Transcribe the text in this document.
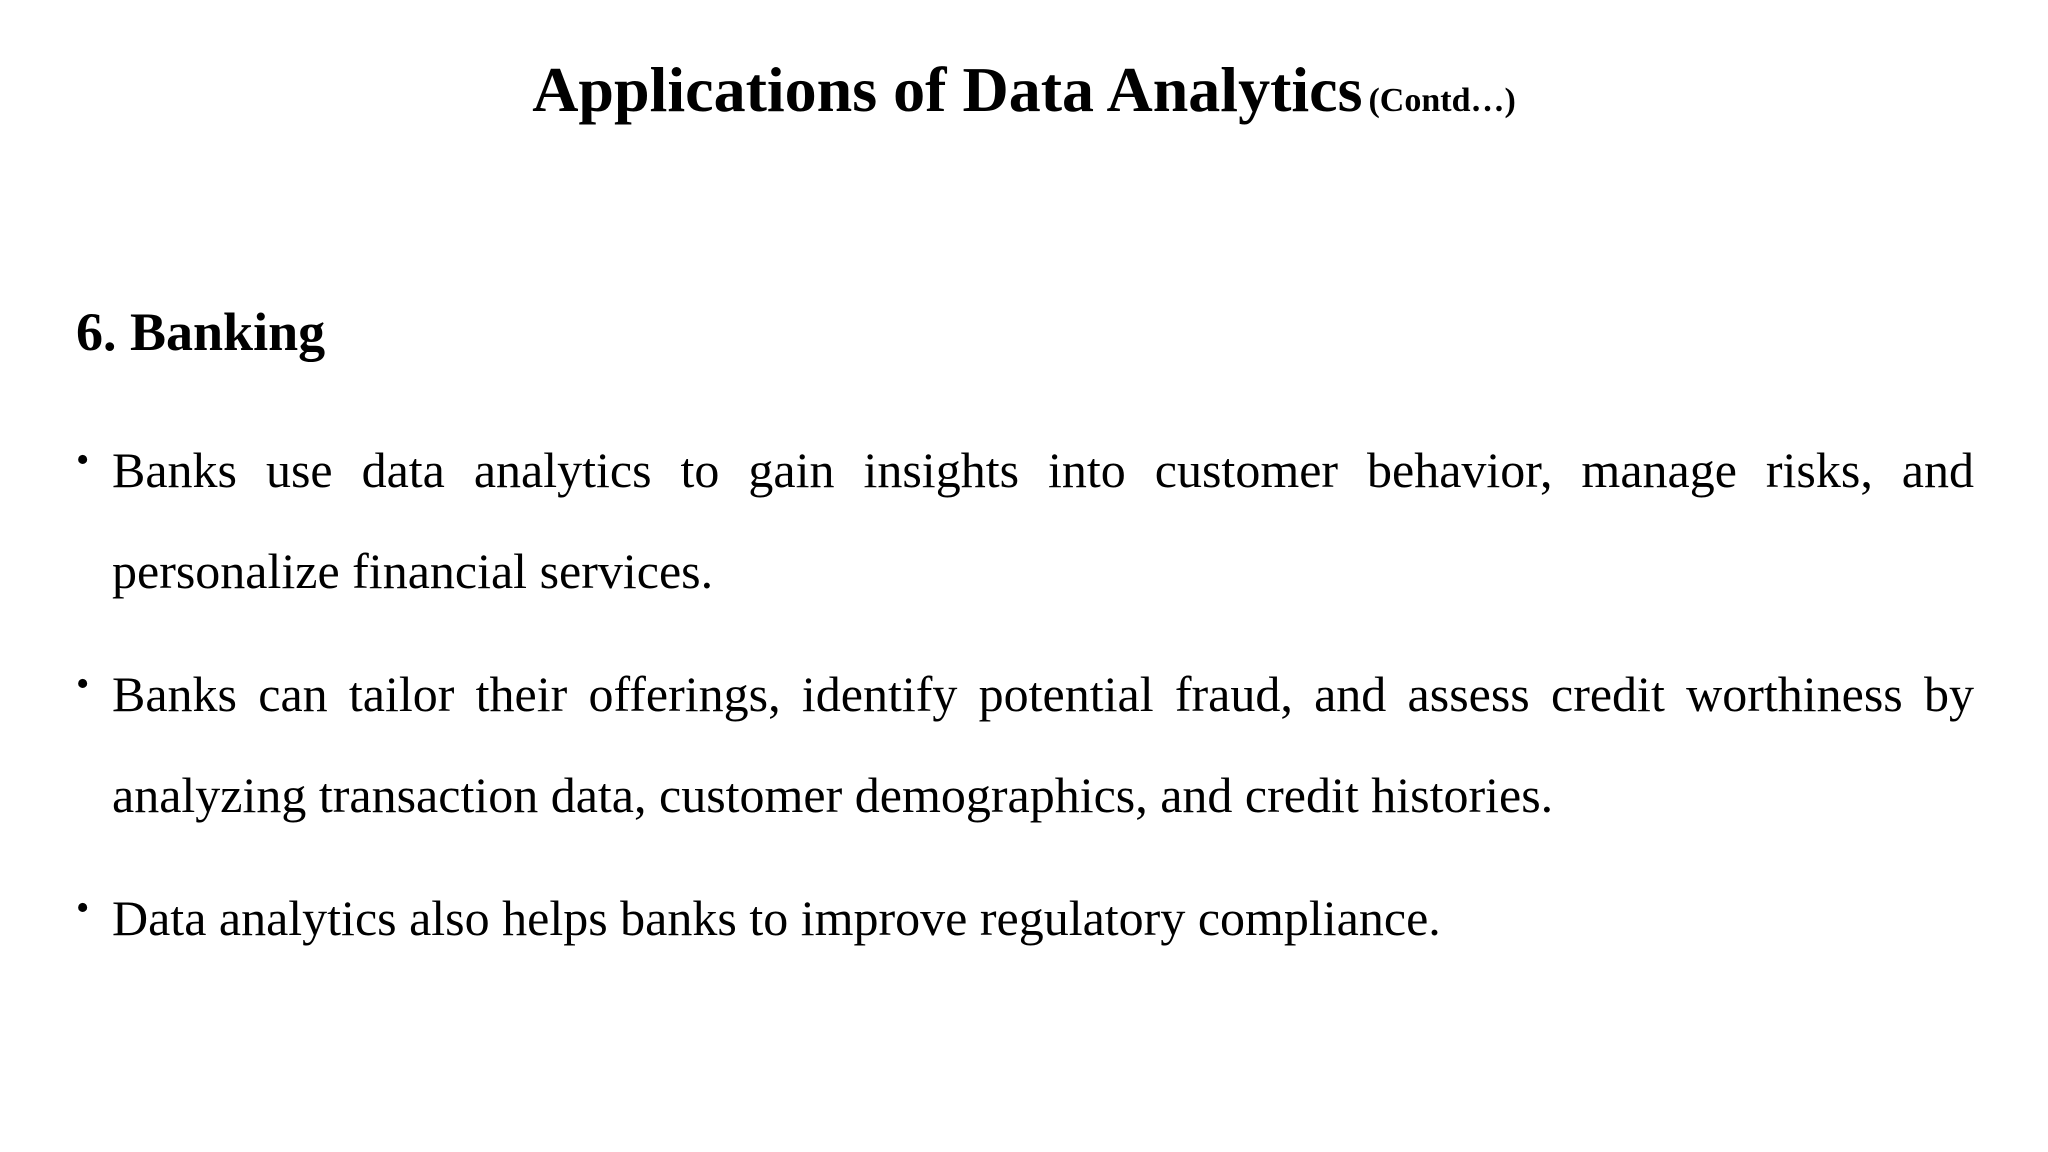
Applications of Data Analytics (Contd…)
6. Banking
• Banks use data analytics to gain insights into customer behavior, manage risks, and personalize financial services.
• Banks can tailor their offerings, identify potential fraud, and assess credit worthiness by analyzing transaction data, customer demographics, and credit histories.
• Data analytics also helps banks to improve regulatory compliance.
